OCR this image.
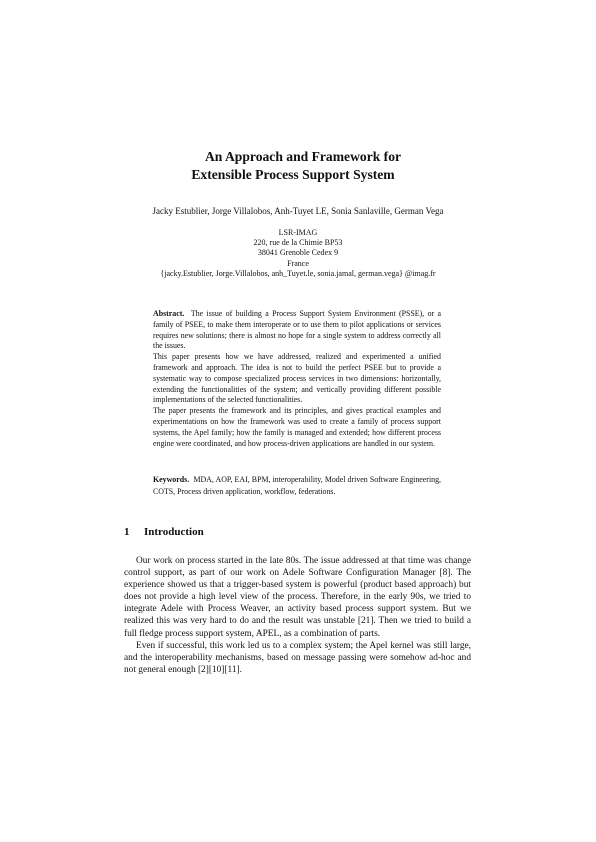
An Approach and Framework for
Extensible Process Support System
Jacky Estublier, Jorge Villalobos, Anh-Tuyet LE, Sonia Sanlaville, German Vega
LSR-IMAG
220, rue de la Chimie BP53
38041 Grenoble Cedex 9
France
{jacky.Estublier, Jorge.Villalobos, anh_Tuyet.le, sonia.jamal, german.vega} @imag.fr

Abstract. The issue of building a Process Support System Environment (PSSE), or a family of PSEE, to make them interoperate or to use them to pilot applications or services requires new solutions; there is almost no hope for a single system to address correctly all the issues.

This paper presents how we have addressed, realized and experimented a unified framework and approach. The idea is not to build the perfect PSEE but to provide a systematic way to compose specialized process services in two dimensions: horizontally, extending the functionalities of the system; and vertically providing different possible implementations of the selected functionalities.

The paper presents the framework and its principles, and gives practical examples and experimentations on how the framework was used to create a family of process support systems, the Apel family; how the family is managed and extended; how different process engine were coordinated, and how process-driven applications are handled in our system.

Keywords. MDA, AOP, EAI, BPM, interoperability, Model driven Software Engineering, COTS, Process driven application, workflow, federations.
1 Introduction

Our work on process started in the late 80s. The issue addressed at that time was change control support, as part of our work on Adele Software Configuration Manager [8]. The experience showed us that a trigger-based system is powerful (product based approach) but does not provide a high level view of the process. Therefore, in the early 90s, we tried to integrate Adele with Process Weaver, an activity based process support system. But we realized this was very hard to do and the result was unstable [21]. Then we tried to build a full fledge process support system, APEL, as a combination of parts.

Even if successful, this work led us to a complex system; the Apel kernel was still large, and the interoperability mechanisms, based on message passing were somehow ad-hoc and not general enough [2][10][11].
